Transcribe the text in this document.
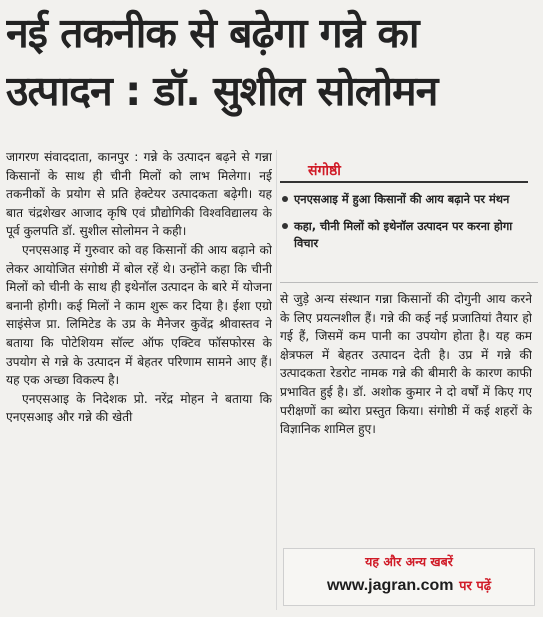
नई तकनीक से बढ़ेगा गन्ने का
उत्पादन : डॉ. सुशील सोलोमन

जागरण संवाददाता, कानपुर : गन्ने के उत्पादन बढ़ने से गन्ना किसानों के साथ ही चीनी मिलों को लाभ मिलेगा। नई तकनीकों के प्रयोग से प्रति हेक्टेयर उत्पादकता बढ़ेगी। यह बात चंद्रशेखर आजाद कृषि एवं प्रौद्योगिकी विश्वविद्यालय के पूर्व कुलपति डॉ. सुशील सोलोमन ने कही।

एनएसआइ में गुरुवार को वह किसानों की आय बढ़ाने को लेकर आयोजित संगोष्ठी में बोल रहें थे। उन्होंने कहा कि चीनी मिलों को चीनी के साथ ही इथेनॉल उत्पादन के बारे में योजना बनानी होगी। कई मिलों ने काम शुरू कर दिया है। ईशा एग्रो साइंसेज प्रा. लिमिटेड के उप्र के मैनेजर कुवेंद्र श्रीवास्तव ने बताया कि पोटेशियम सॉल्ट ऑफ एक्टिव फॉसफोरस के उपयोग से गन्ने के उत्पादन में बेहतर परिणाम सामने आए हैं। यह एक अच्छा विकल्प है।

एनएसआइ के निदेशक प्रो. नरेंद्र मोहन ने बताया कि एनएसआइ और गन्ने की खेती

संगोष्ठी
एनएसआइ में हुआ किसानों की आय बढ़ाने पर मंथन
कहा, चीनी मिलों को इथेनॉल उत्पादन पर करना होगा विचार
से जुड़े अन्य संस्थान गन्ना किसानों की दोगुनी आय करने के लिए प्रयत्नशील हैं। गन्ने की कई नई प्रजातियां तैयार हो गई हैं, जिसमें कम पानी का उपयोग होता है। यह कम क्षेत्रफल में बेहतर उत्पादन देती है। उप्र में गन्ने की उत्पादकता रेडरोट नामक गन्ने की बीमारी के कारण काफी प्रभावित हुई है। डॉ. अशोक कुमार ने दो वर्षों में किए गए परीक्षणों का ब्योरा प्रस्तुत किया। संगोष्ठी में कई शहरों के विज्ञानिक शामिल हुए।
यह और अन्य खबरें
www.jagran.com पर पढ़ें
